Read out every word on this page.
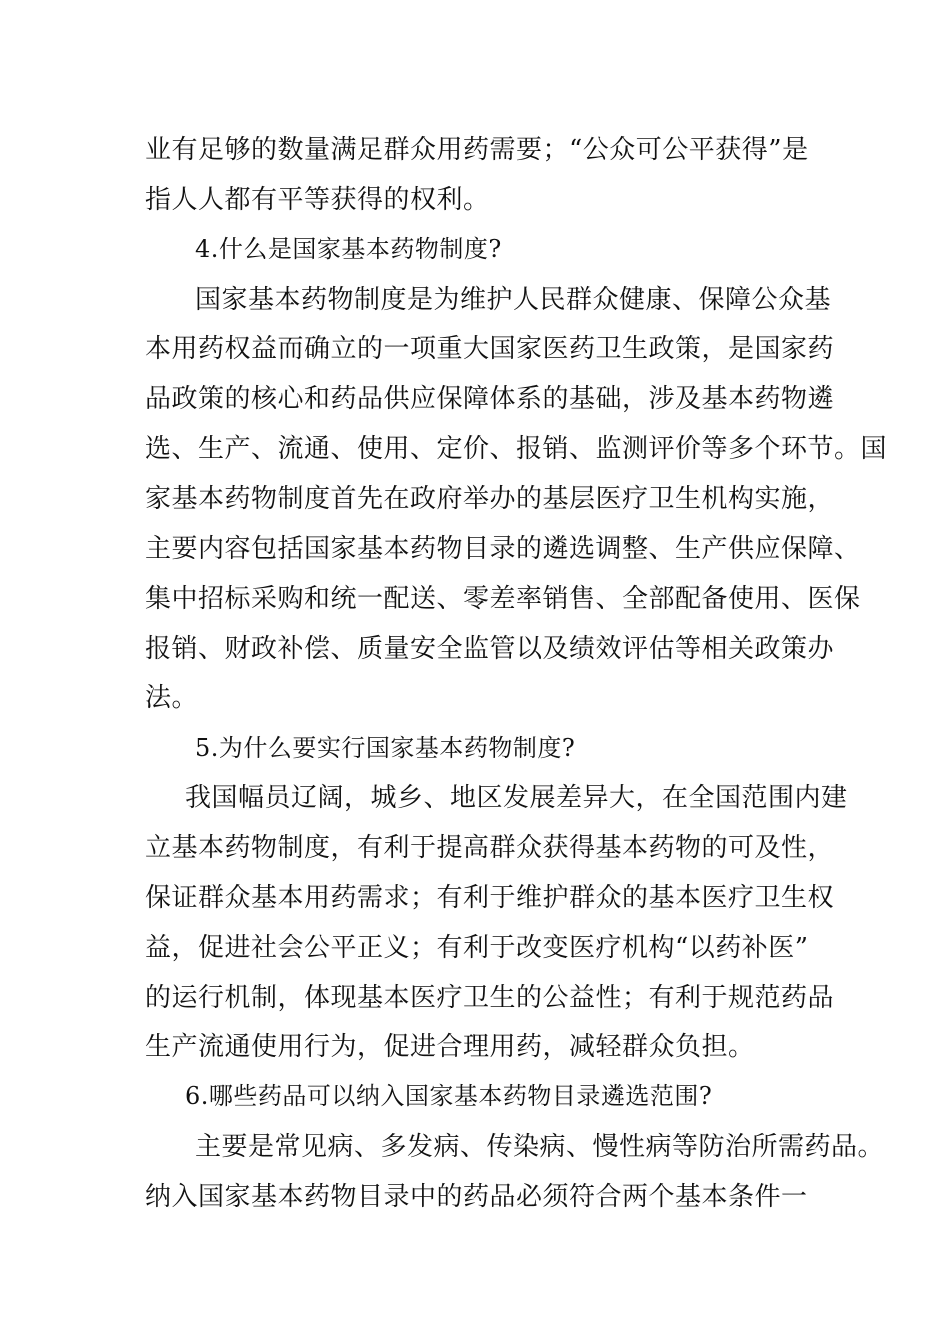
业有足够的数量满足群众用药需要；“公众可公平获得”是
指人人都有平等获得的权利。
4.什么是国家基本药物制度?
国家基本药物制度是为维护人民群众健康、保障公众基
本用药权益而确立的一项重大国家医药卫生政策，是国家药
品政策的核心和药品供应保障体系的基础，涉及基本药物遴
选、生产、流通、使用、定价、报销、监测评价等多个环节。国
家基本药物制度首先在政府举办的基层医疗卫生机构实施，
主要内容包括国家基本药物目录的遴选调整、生产供应保障、
集中招标采购和统一配送、零差率销售、全部配备使用、医保
报销、财政补偿、质量安全监管以及绩效评估等相关政策办
法。
5.为什么要实行国家基本药物制度?
我国幅员辽阔，城乡、地区发展差异大，在全国范围内建
立基本药物制度，有利于提高群众获得基本药物的可及性，
保证群众基本用药需求；有利于维护群众的基本医疗卫生权
益，促进社会公平正义；有利于改变医疗机构“以药补医”
的运行机制，体现基本医疗卫生的公益性；有利于规范药品
生产流通使用行为，促进合理用药，减轻群众负担。
6.哪些药品可以纳入国家基本药物目录遴选范围?
主要是常见病、多发病、传染病、慢性病等防治所需药品。
纳入国家基本药物目录中的药品必须符合两个基本条件一
